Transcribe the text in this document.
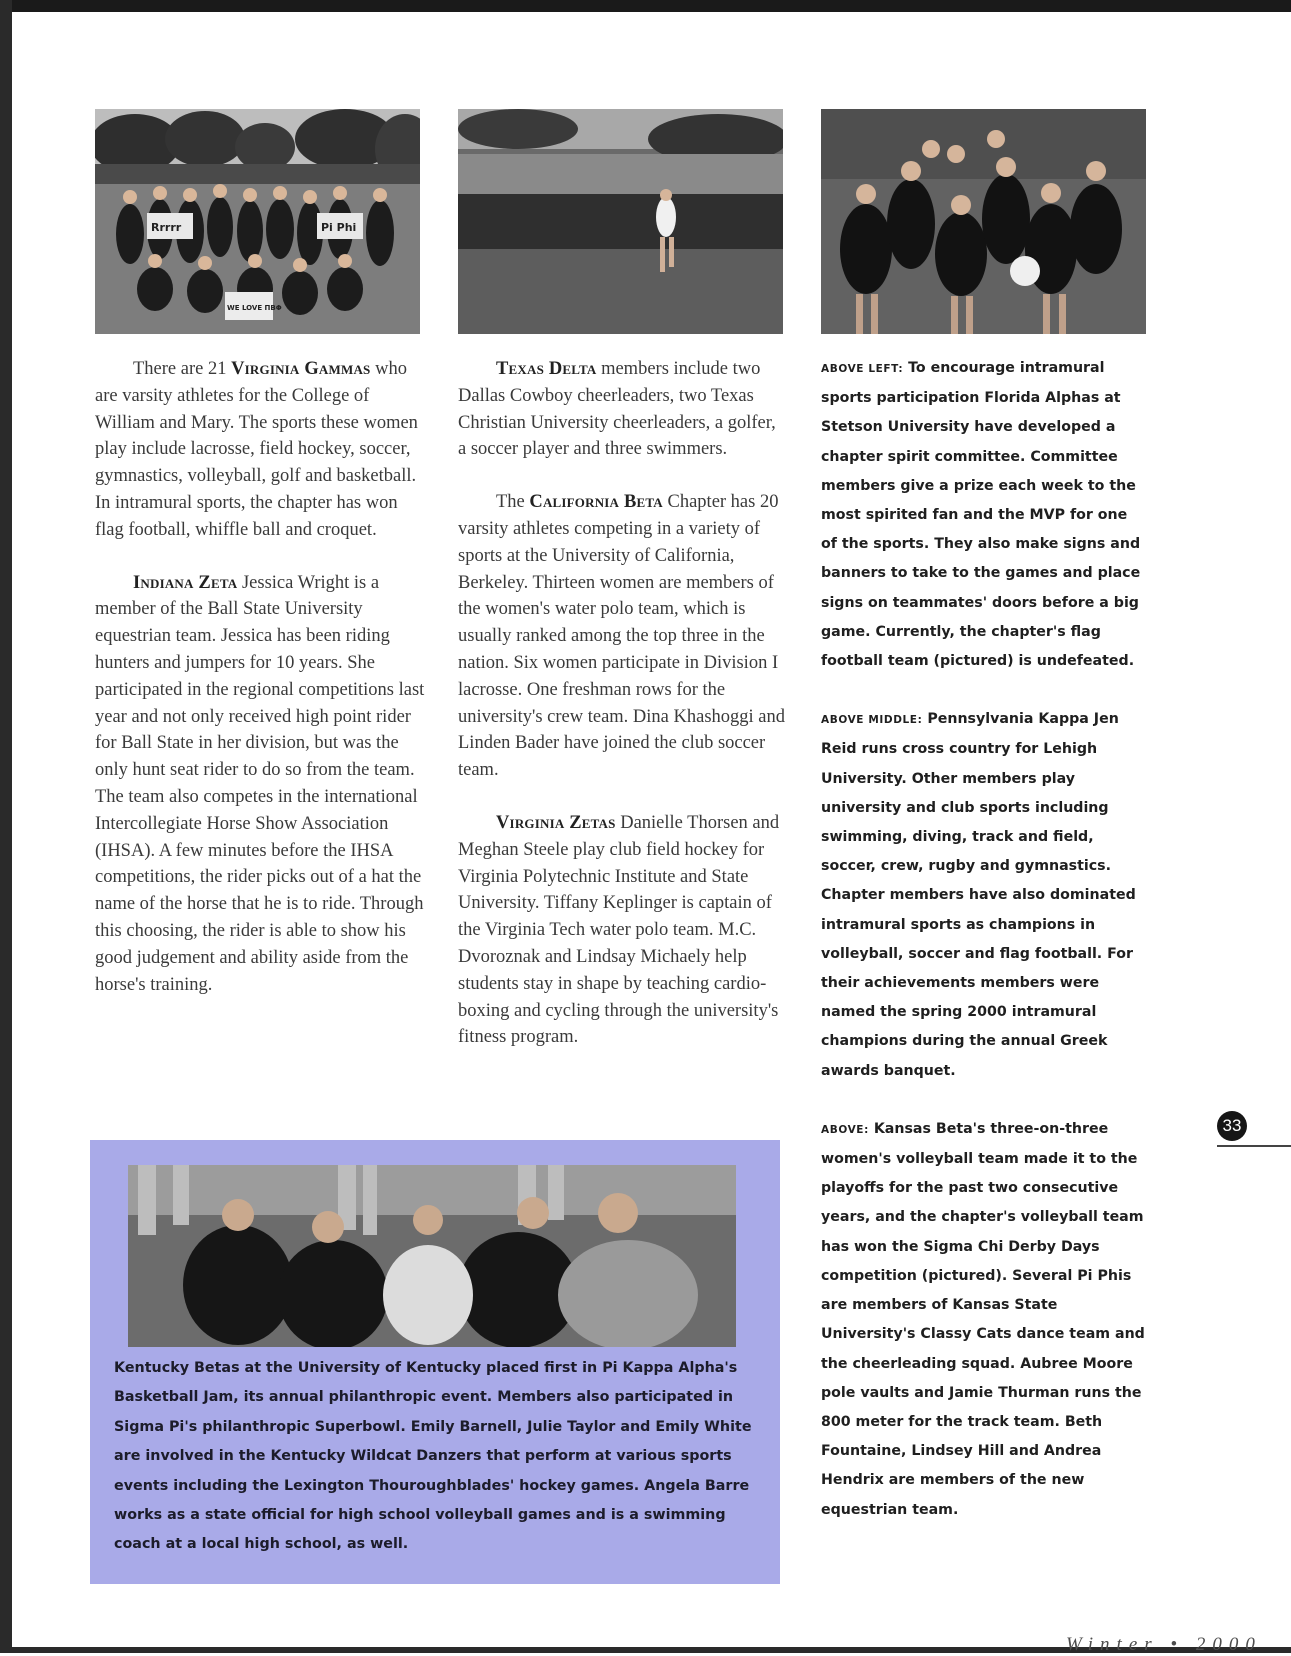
Rrrrr	Pi Phi
WE LOVE ΠΒΦ

There are 21 Virginia Gammas who are varsity athletes for the College of William and Mary. The sports these women play include lacrosse, field hockey, soccer, gymnastics, volleyball, golf and basketball. In intramural sports, the chapter has won flag football, whiffle ball and croquet.

Indiana Zeta Jessica Wright is a member of the Ball State University equestrian team. Jessica has been riding hunters and jumpers for 10 years. She participated in the regional competitions last year and not only received high point rider for Ball State in her division, but was the only hunt seat rider to do so from the team. The team also competes in the international Intercollegiate Horse Show Association (IHSA). A few minutes before the IHSA competitions, the rider picks out of a hat the name of the horse that he is to ride. Through this choosing, the rider is able to show his good judgement and ability aside from the horse's training.

Texas Delta members include two Dallas Cowboy cheerleaders, two Texas Christian University cheerleaders, a golfer, a soccer player and three swimmers.

The California Beta Chapter has 20 varsity athletes competing in a variety of sports at the University of California, Berkeley. Thirteen women are members of the women's water polo team, which is usually ranked among the top three in the nation. Six women participate in Division I lacrosse. One freshman rows for the university's crew team. Dina Khashoggi and Linden Bader have joined the club soccer team.

Virginia Zetas Danielle Thorsen and Meghan Steele play club field hockey for Virginia Polytechnic Institute and State University. Tiffany Keplinger is captain of the Virginia Tech water polo team. M.C. Dvoroznak and Lindsay Michaely help students stay in shape by teaching cardio-boxing and cycling through the university's fitness program.

ABOVE LEFT: To encourage intramural sports participation Florida Alphas at Stetson University have developed a chapter spirit committee. Committee members give a prize each week to the most spirited fan and the MVP for one of the sports. They also make signs and banners to take to the games and place signs on teammates' doors before a big game. Currently, the chapter's flag football team (pictured) is undefeated.

ABOVE MIDDLE: Pennsylvania Kappa Jen Reid runs cross country for Lehigh University. Other members play university and club sports including swimming, diving, track and field, soccer, crew, rugby and gymnastics. Chapter members have also dominated intramural sports as champions in volleyball, soccer and flag football. For their achievements members were named the spring 2000 intramural champions during the annual Greek awards banquet.

ABOVE: Kansas Beta's three-on-three women's volleyball team made it to the playoffs for the past two consecutive years, and the chapter's volleyball team has won the Sigma Chi Derby Days competition (pictured). Several Pi Phis are members of Kansas State University's Classy Cats dance team and the cheerleading squad. Aubree Moore pole vaults and Jamie Thurman runs the 800 meter for the track team. Beth Fountaine, Lindsey Hill and Andrea Hendrix are members of the new equestrian team.

Kentucky Betas at the University of Kentucky placed first in Pi Kappa Alpha's Basketball Jam, its annual philanthropic event. Members also participated in Sigma Pi's philanthropic Superbowl. Emily Barnell, Julie Taylor and Emily White are involved in the Kentucky Wildcat Danzers that perform at various sports events including the Lexington Thouroughblades' hockey games. Angela Barre works as a state official for high school volleyball games and is a swimming coach at a local high school, as well.
33
Winter • 2000
